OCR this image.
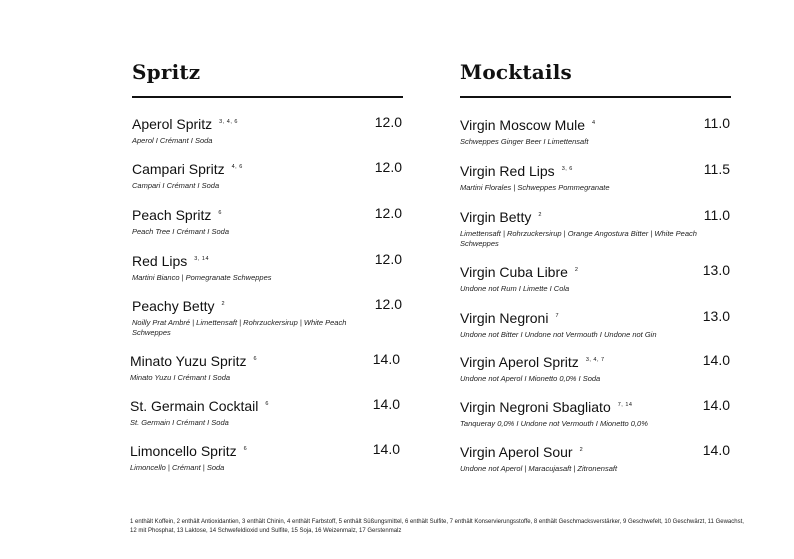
Spritz	Mocktails
Aperol Spritz $^{3, 4, 6}$
Aperol I Crémant I Soda
12.0
Campari Spritz $^{4, 6}$
Campari I Crémant I Soda
12.0
Peach Spritz $^6$
Peach Tree I Crémant I Soda
12.0
Red Lips $^{3, 14}$
Martini Bianco | Pomegranate Schweppes
12.0
Peachy Betty $^2$
Noilly Prat Ambré | Limettensaft | Rohrzuckersirup | White Peach Schweppes
12.0
Minato Yuzu Spritz $^6$
Minato Yuzu I Crémant I Soda
14.0
St. Germain Cocktail $^6$
St. Germain I Crémant I Soda
14.0
Limoncello Spritz $^6$
Limoncello | Crémant | Soda
14.0
Virgin Moscow Mule $^4$
Schweppes Ginger Beer I Limettensaft
11.0
Virgin Red Lips $^{3, 6}$
Martini Florales | Schweppes Pommegranate
11.5
Virgin Betty $^2$
Limettensaft | Rohrzuckersirup | Orange Angostura Bitter | White Peach Schweppes
11.0
Virgin Cuba Libre $^2$
Undone not Rum I Limette I Cola
13.0
Virgin Negroni $^7$
Undone not Bitter I Undone not Vermouth I Undone not Gin
13.0
Virgin Aperol Spritz $^{3, 4, 7}$
Undone not Aperol I Mionetto 0,0% I Soda
14.0
Virgin Negroni Sbagliato $^{7, 14}$
Tanqueray 0,0% I Undone not Vermouth I Mionetto 0,0%
14.0
Virgin Aperol Sour $^2$
Undone not Aperol | Maracujasaft | Zitronensaft
14.0
1 enthält Koffein, 2 enthält Antioxidantien, 3 enthält Chinin, 4 enthält Farbstoff, 5 enthält Süßungsmittel, 6 enthält Sulfite, 7 enthält Konservierungsstoffe, 8 enthält Geschmacksverstärker, 9 Geschwefelt, 10 Geschwärzt, 11 Gewachst, 12 mit Phosphat, 13 Laktose, 14 Schwefeldioxid und Sulfite, 15 Soja, 16 Weizenmalz, 17 Gerstenmalz
